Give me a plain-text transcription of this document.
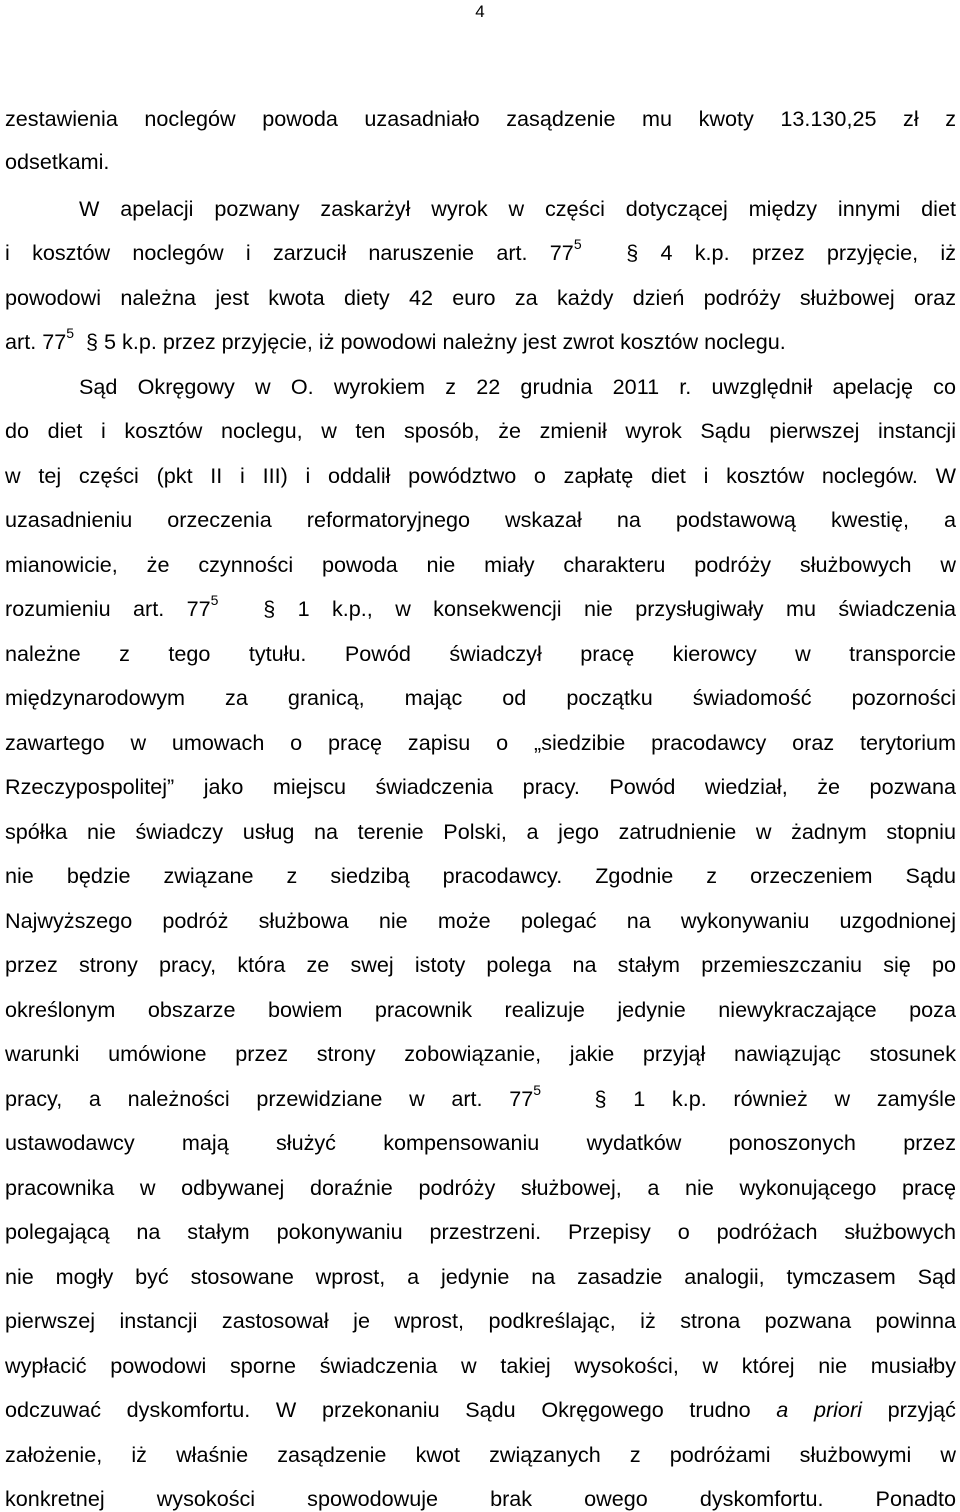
4
zestawienia noclegów powoda uzasadniało zasądzenie mu kwoty 13.130,25 zł z
odsetkami.
W apelacji pozwany zaskarżył wyrok w części dotyczącej między innymi diet
i kosztów noclegów i zarzucił naruszenie art. $77^5$ § 4 k.p. przez przyjęcie, iż
powodowi należna jest kwota diety 42 euro za każdy dzień podróży służbowej oraz
art. $77^5$ § 5 k.p. przez przyjęcie, iż powodowi należny jest zwrot kosztów noclegu.
Sąd Okręgowy w O. wyrokiem z 22 grudnia 2011 r. uwzględnił apelację co
do diet i kosztów noclegu, w ten sposób, że zmienił wyrok Sądu pierwszej instancji
w tej części (pkt II i III) i oddalił powództwo o zapłatę diet i kosztów noclegów. W
uzasadnieniu orzeczenia reformatoryjnego wskazał na podstawową kwestię, a
mianowicie, że czynności powoda nie miały charakteru podróży służbowych w
rozumieniu art. $77^5$ § 1 k.p., w konsekwencji nie przysługiwały mu świadczenia
należne z tego tytułu. Powód świadczył pracę kierowcy w transporcie
międzynarodowym za granicą, mając od początku świadomość pozorności
zawartego w umowach o pracę zapisu o „siedzibie pracodawcy oraz terytorium
Rzeczypospolitej” jako miejscu świadczenia pracy. Powód wiedział, że pozwana
spółka nie świadczy usług na terenie Polski, a jego zatrudnienie w żadnym stopniu
nie będzie związane z siedzibą pracodawcy. Zgodnie z orzeczeniem Sądu
Najwyższego podróż służbowa nie może polegać na wykonywaniu uzgodnionej
przez strony pracy, która ze swej istoty polega na stałym przemieszczaniu się po
określonym obszarze bowiem pracownik realizuje jedynie niewykraczające poza
warunki umówione przez strony zobowiązanie, jakie przyjął nawiązując stosunek
pracy, a należności przewidziane w art. $77^5$ § 1 k.p. również w zamyśle
ustawodawcy mają służyć kompensowaniu wydatków ponoszonych przez
pracownika w odbywanej doraźnie podróży służbowej, a nie wykonującego pracę
polegającą na stałym pokonywaniu przestrzeni. Przepisy o podróżach służbowych
nie mogły być stosowane wprost, a jedynie na zasadzie analogii, tymczasem Sąd
pierwszej instancji zastosował je wprost, podkreślając, iż strona pozwana powinna
wypłacić powodowi sporne świadczenia w takiej wysokości, w której nie musiałby
odczuwać dyskomfortu. W przekonaniu Sądu Okręgowego trudno a priori przyjąć
założenie, iż właśnie zasądzenie kwot związanych z podróżami służbowymi w
konkretnej wysokości spowodowuje brak owego dyskomfortu. Ponadto
